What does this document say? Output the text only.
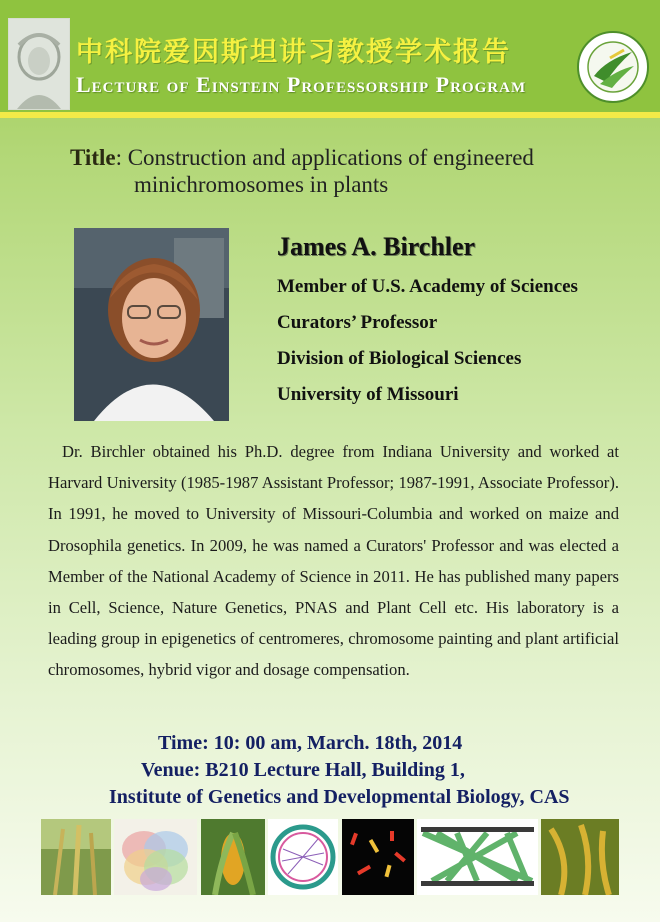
中科院爱因斯坦讲习教授学术报告
Lecture of Einstein Professorship Program
Title: Construction and applications of engineered
minichromosomes in plants
James A. Birchler
Member of U.S. Academy of Sciences
Curators’ Professor
Division of Biological Sciences
University of Missouri

Dr. Birchler obtained his Ph.D. degree from Indiana University and worked at Harvard University (1985-1987 Assistant Professor; 1987-1991, Associate Professor). In 1991, he moved to University of Missouri-Columbia and worked on maize and Drosophila genetics. In 2009, he was named a Curators' Professor and was elected a Member of the National Academy of Science in 2011. He has published many papers in Cell, Science, Nature Genetics, PNAS and Plant Cell etc. His laboratory is a leading group in epigenetics of centromeres, chromosome painting and plant artificial chromosomes, hybrid vigor and dosage compensation.

Time: 10: 00 am, March. 18th, 2014
Venue: B210 Lecture Hall, Building 1,
Institute of Genetics and Developmental Biology, CAS
